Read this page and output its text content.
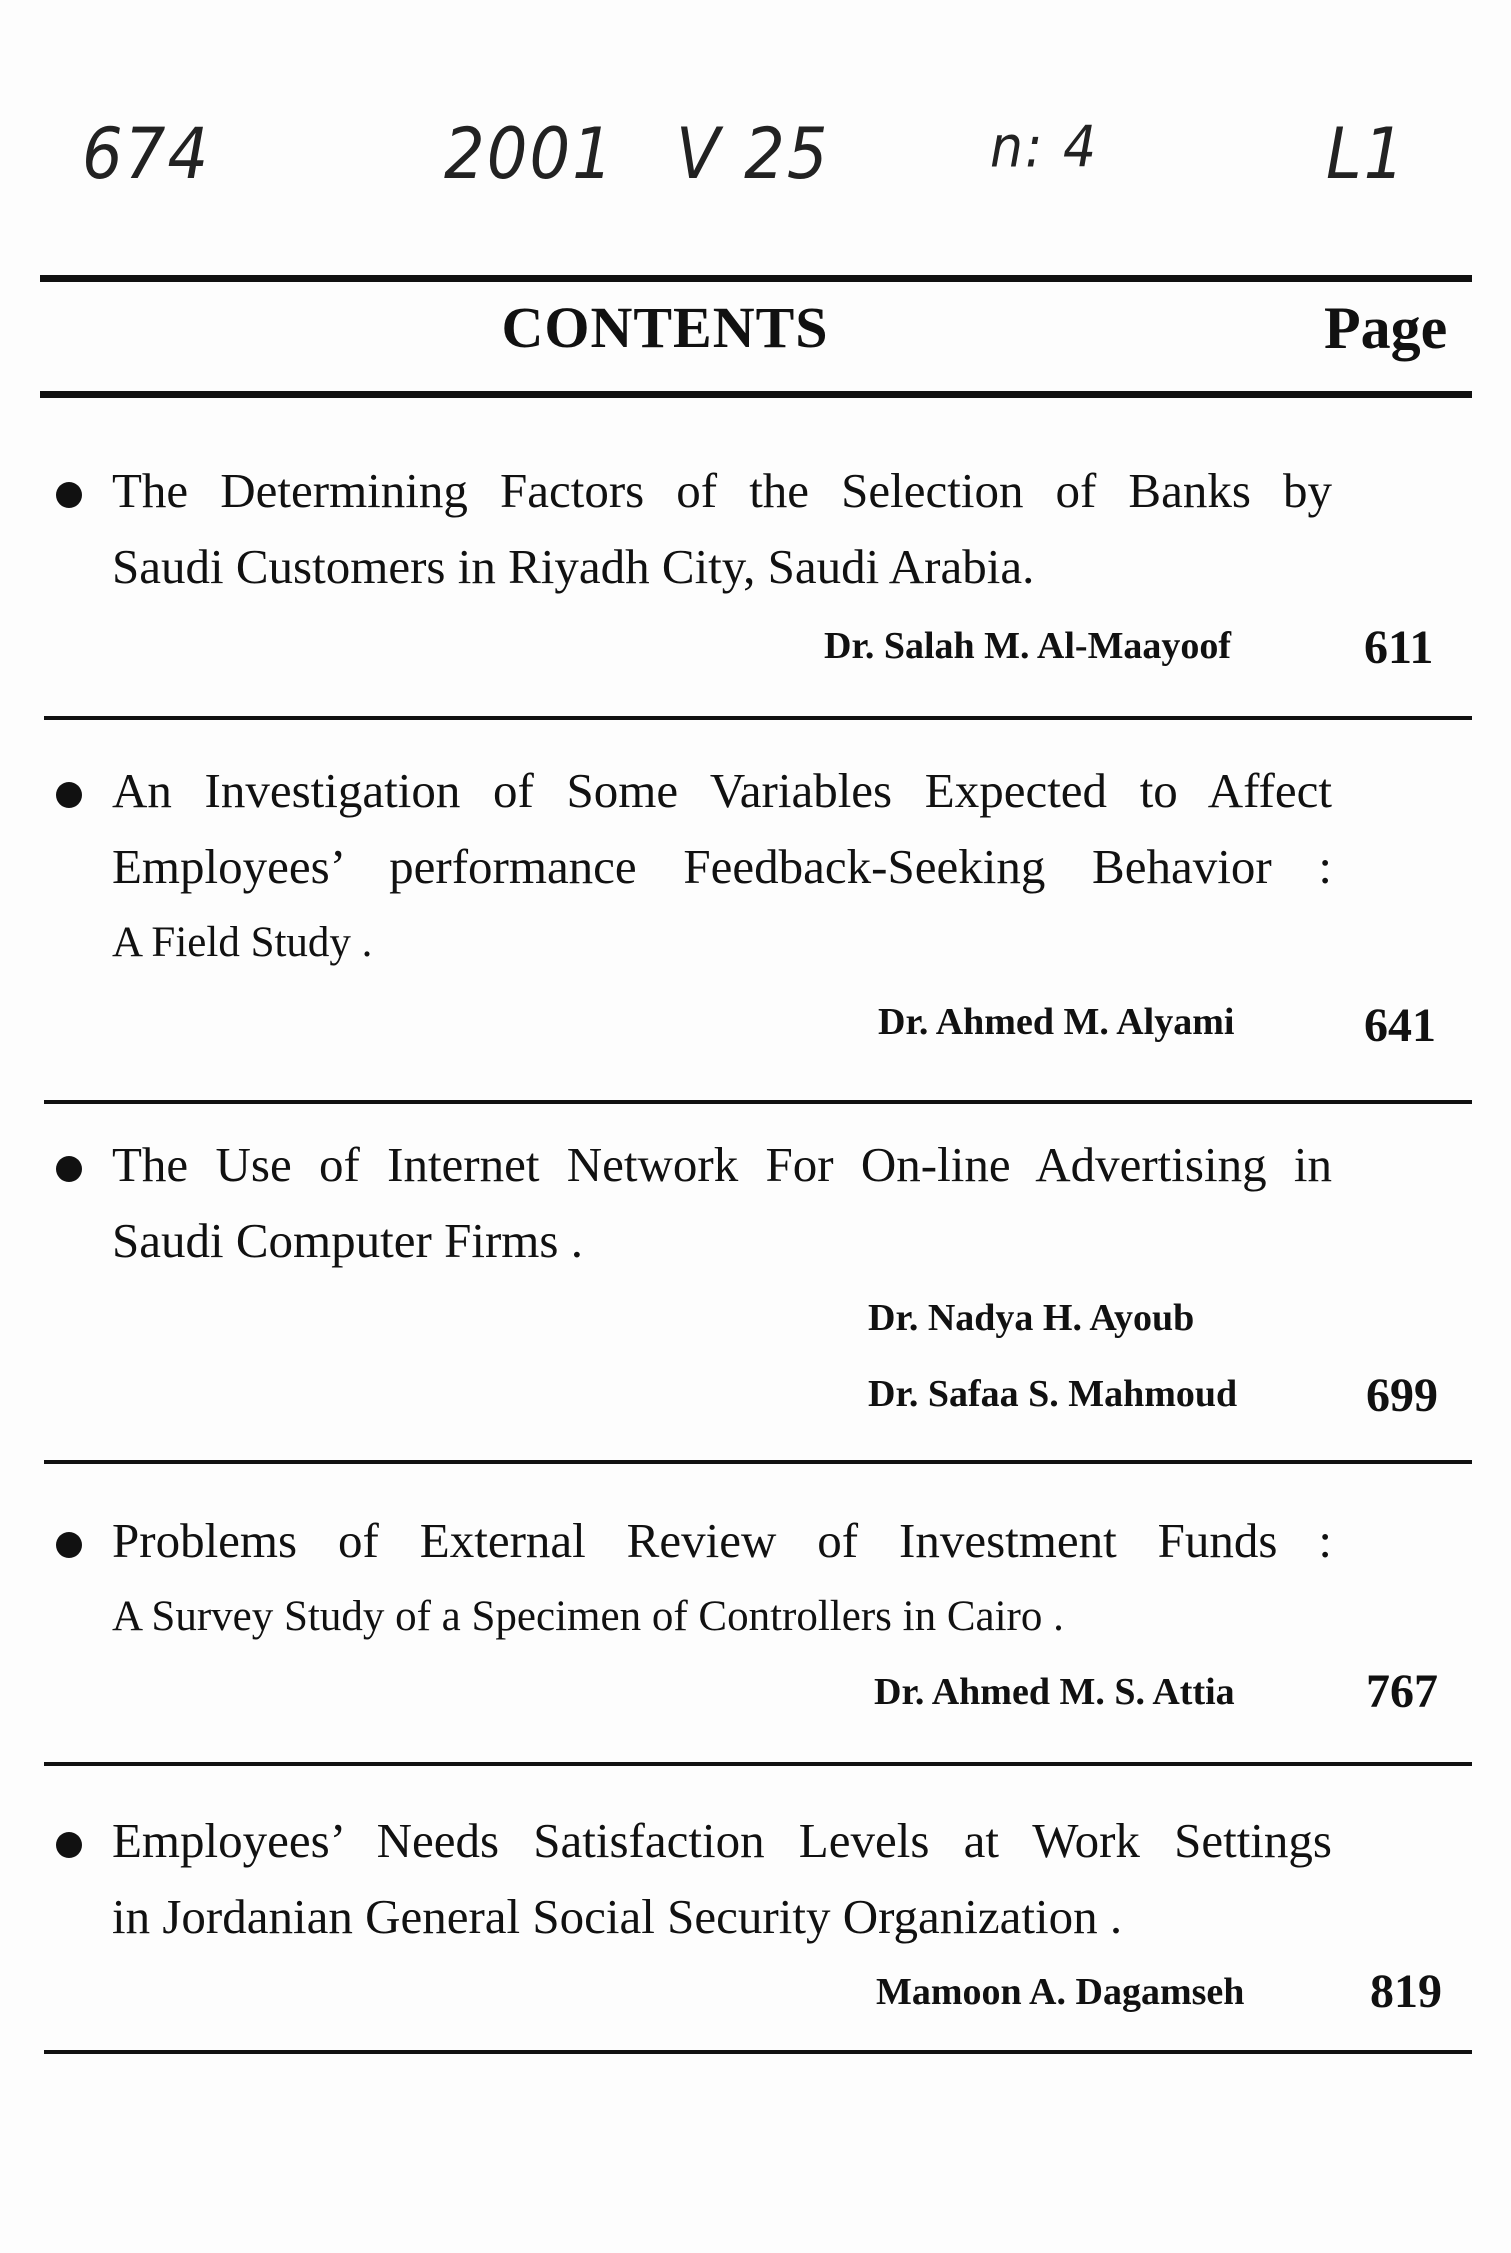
674	2001 V 25	n: 4	L1
CONTENTS	Page
The Determining Factors of the Selection of Banks by
Saudi Customers in Riyadh City, Saudi Arabia.
Dr. Salah M. Al-Maayoof	611
An Investigation of Some Variables Expected to Affect
Employees’ performance Feedback-Seeking Behavior :
A Field Study .
Dr. Ahmed M. Alyami	641
The Use of Internet Network For On-line Advertising in
Saudi Computer Firms .
Dr. Nadya H. Ayoub
Dr. Safaa S. Mahmoud	699
Problems of External Review of Investment Funds :
A Survey Study of a Specimen of Controllers in Cairo .
Dr. Ahmed M. S. Attia	767
Employees’ Needs Satisfaction Levels at Work Settings
in Jordanian General Social Security Organization .
Mamoon A. Dagamseh	819
